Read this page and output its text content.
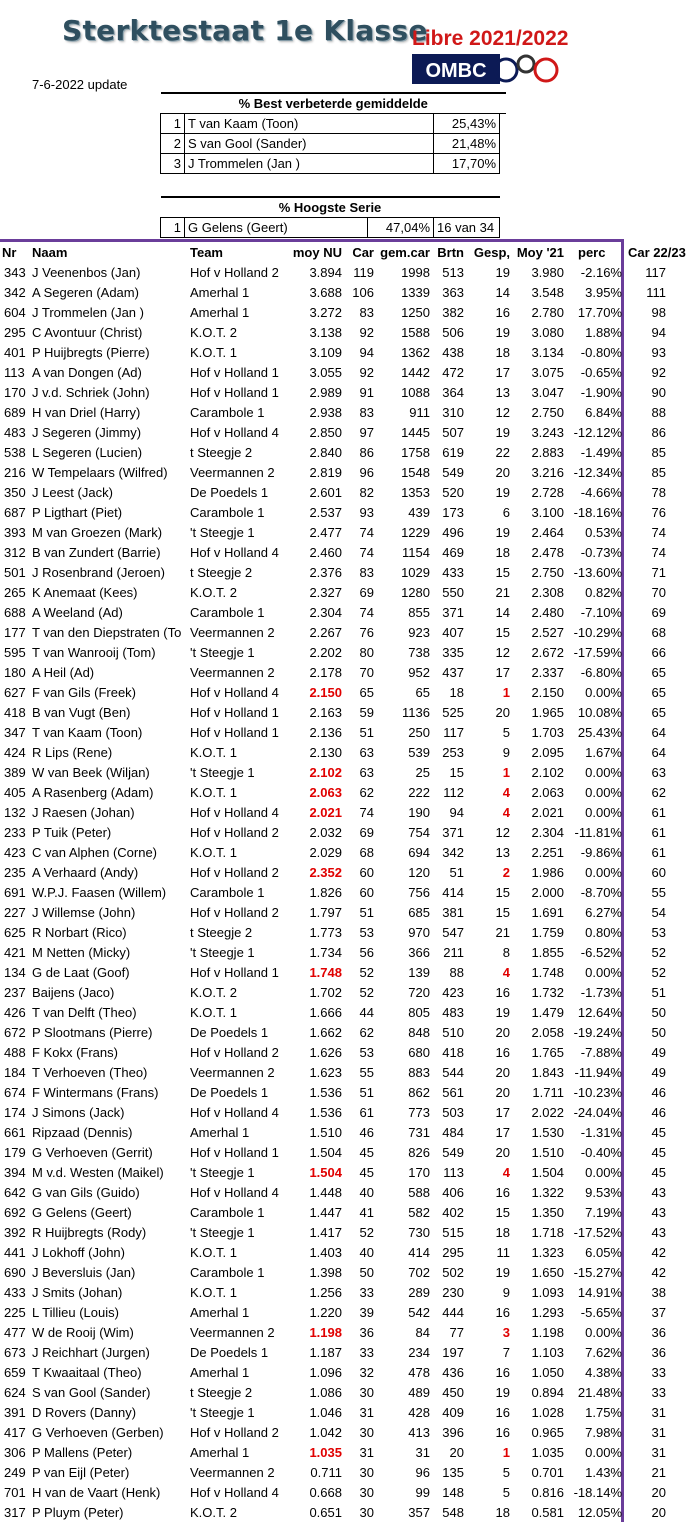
Sterktestaat 1e Klasse
Libre 2021/2022
OMBC
7-6-2022 update
% Best verbeterde gemiddelde			
1	T van Kaam (Toon)	25,43%	
2	S van Gool (Sander)	21,48%	
3	J Trommelen (Jan )	17,70%	

% Hoogste Serie
1	G Gelens (Geert)	47,04%	16 van 34
Nr	Naam	Team	moy NU	Car	gem.car	Brtn	Gesp,	Moy '21	perc	Car 22/23
343	J Veenenbos (Jan)	Hof v Holland 2	3.894	119	1998	513	19	3.980	-2.16%	117
342	A Segeren (Adam)	Amerhal 1	3.688	106	1339	363	14	3.548	3.95%	111
604	J Trommelen (Jan )	Amerhal 1	3.272	83	1250	382	16	2.780	17.70%	98
295	C Avontuur (Christ)	K.O.T. 2	3.138	92	1588	506	19	3.080	1.88%	94
401	P Huijbregts (Pierre)	K.O.T. 1	3.109	94	1362	438	18	3.134	-0.80%	93
113	A van Dongen (Ad)	Hof v Holland 1	3.055	92	1442	472	17	3.075	-0.65%	92
170	J v.d. Schriek (John)	Hof v Holland 1	2.989	91	1088	364	13	3.047	-1.90%	90
689	H van Driel (Harry)	Carambole 1	2.938	83	911	310	12	2.750	6.84%	88
483	J Segeren (Jimmy)	Hof v Holland 4	2.850	97	1445	507	19	3.243	-12.12%	86
538	L Segeren (Lucien)	t Steegje 2	2.840	86	1758	619	22	2.883	-1.49%	85
216	W Tempelaars (Wilfred)	Veermannen 2	2.819	96	1548	549	20	3.216	-12.34%	85
350	J Leest (Jack)	De Poedels 1	2.601	82	1353	520	19	2.728	-4.66%	78
687	P Ligthart (Piet)	Carambole 1	2.537	93	439	173	6	3.100	-18.16%	76
393	M van Groezen (Mark)	't Steegje 1	2.477	74	1229	496	19	2.464	0.53%	74
312	B van Zundert (Barrie)	Hof v Holland 4	2.460	74	1154	469	18	2.478	-0.73%	74
501	J Rosenbrand (Jeroen)	t Steegje 2	2.376	83	1029	433	15	2.750	-13.60%	71
265	K Anemaat (Kees)	K.O.T. 2	2.327	69	1280	550	21	2.308	0.82%	70
688	A Weeland (Ad)	Carambole 1	2.304	74	855	371	14	2.480	-7.10%	69
177	T van den Diepstraten (To	Veermannen 2	2.267	76	923	407	15	2.527	-10.29%	68
595	T van Wanrooij (Tom)	't Steegje 1	2.202	80	738	335	12	2.672	-17.59%	66
180	A Heil (Ad)	Veermannen 2	2.178	70	952	437	17	2.337	-6.80%	65
627	F van Gils (Freek)	Hof v Holland 4	2.150	65	65	18	1	2.150	0.00%	65
418	B van Vugt (Ben)	Hof v Holland 1	2.163	59	1136	525	20	1.965	10.08%	65
347	T van Kaam (Toon)	Hof v Holland 1	2.136	51	250	117	5	1.703	25.43%	64
424	R Lips (Rene)	K.O.T. 1	2.130	63	539	253	9	2.095	1.67%	64
389	W van Beek (Wiljan)	't Steegje 1	2.102	63	25	15	1	2.102	0.00%	63
405	A Rasenberg (Adam)	K.O.T. 1	2.063	62	222	112	4	2.063	0.00%	62
132	J Raesen (Johan)	Hof v Holland 4	2.021	74	190	94	4	2.021	0.00%	61
233	P Tuik (Peter)	Hof v Holland 2	2.032	69	754	371	12	2.304	-11.81%	61
423	C van Alphen (Corne)	K.O.T. 1	2.029	68	694	342	13	2.251	-9.86%	61
235	A Verhaard (Andy)	Hof v Holland 2	2.352	60	120	51	2	1.986	0.00%	60
691	W.P.J. Faasen (Willem)	Carambole 1	1.826	60	756	414	15	2.000	-8.70%	55
227	J Willemse (John)	Hof v Holland 2	1.797	51	685	381	15	1.691	6.27%	54
625	R Norbart (Rico)	t Steegje 2	1.773	53	970	547	21	1.759	0.80%	53
421	M Netten (Micky)	't Steegje 1	1.734	56	366	211	8	1.855	-6.52%	52
134	G de Laat (Goof)	Hof v Holland 1	1.748	52	139	88	4	1.748	0.00%	52
237	Baijens (Jaco)	K.O.T. 2	1.702	52	720	423	16	1.732	-1.73%	51
426	T van Delft (Theo)	K.O.T. 1	1.666	44	805	483	19	1.479	12.64%	50
672	P Slootmans (Pierre)	De Poedels 1	1.662	62	848	510	20	2.058	-19.24%	50
488	F Kokx (Frans)	Hof v Holland 2	1.626	53	680	418	16	1.765	-7.88%	49
184	T Verhoeven (Theo)	Veermannen 2	1.623	55	883	544	20	1.843	-11.94%	49
674	F Wintermans (Frans)	De Poedels 1	1.536	51	862	561	20	1.711	-10.23%	46
174	J Simons (Jack)	Hof v Holland 4	1.536	61	773	503	17	2.022	-24.04%	46
661	Ripzaad (Dennis)	Amerhal 1	1.510	46	731	484	17	1.530	-1.31%	45
179	G Verhoeven (Gerrit)	Hof v Holland 1	1.504	45	826	549	20	1.510	-0.40%	45
394	M v.d. Westen (Maikel)	't Steegje 1	1.504	45	170	113	4	1.504	0.00%	45
642	G van Gils (Guido)	Hof v Holland 4	1.448	40	588	406	16	1.322	9.53%	43
692	G Gelens (Geert)	Carambole 1	1.447	41	582	402	15	1.350	7.19%	43
392	R Huijbregts (Rody)	't Steegje 1	1.417	52	730	515	18	1.718	-17.52%	43
441	J Lokhoff (John)	K.O.T. 1	1.403	40	414	295	11	1.323	6.05%	42
690	J Beversluis (Jan)	Carambole 1	1.398	50	702	502	19	1.650	-15.27%	42
433	J Smits (Johan)	K.O.T. 1	1.256	33	289	230	9	1.093	14.91%	38
225	L Tillieu (Louis)	Amerhal 1	1.220	39	542	444	16	1.293	-5.65%	37
477	W de Rooij (Wim)	Veermannen 2	1.198	36	84	77	3	1.198	0.00%	36
673	J Reichhart (Jurgen)	De Poedels 1	1.187	33	234	197	7	1.103	7.62%	36
659	T Kwaaitaal (Theo)	Amerhal 1	1.096	32	478	436	16	1.050	4.38%	33
624	S van Gool (Sander)	t Steegje 2	1.086	30	489	450	19	0.894	21.48%	33
391	D Rovers (Danny)	't Steegje 1	1.046	31	428	409	16	1.028	1.75%	31
417	G Verhoeven (Gerben)	Hof v Holland 2	1.042	30	413	396	16	0.965	7.98%	31
306	P Mallens (Peter)	Amerhal 1	1.035	31	31	20	1	1.035	0.00%	31
249	P van Eijl (Peter)	Veermannen 2	0.711	30	96	135	5	0.701	1.43%	21
701	H van de Vaart (Henk)	Hof v Holland 4	0.668	30	99	148	5	0.816	-18.14%	20
317	P Pluym (Peter)	K.O.T. 2	0.651	30	357	548	18	0.581	12.05%	20
